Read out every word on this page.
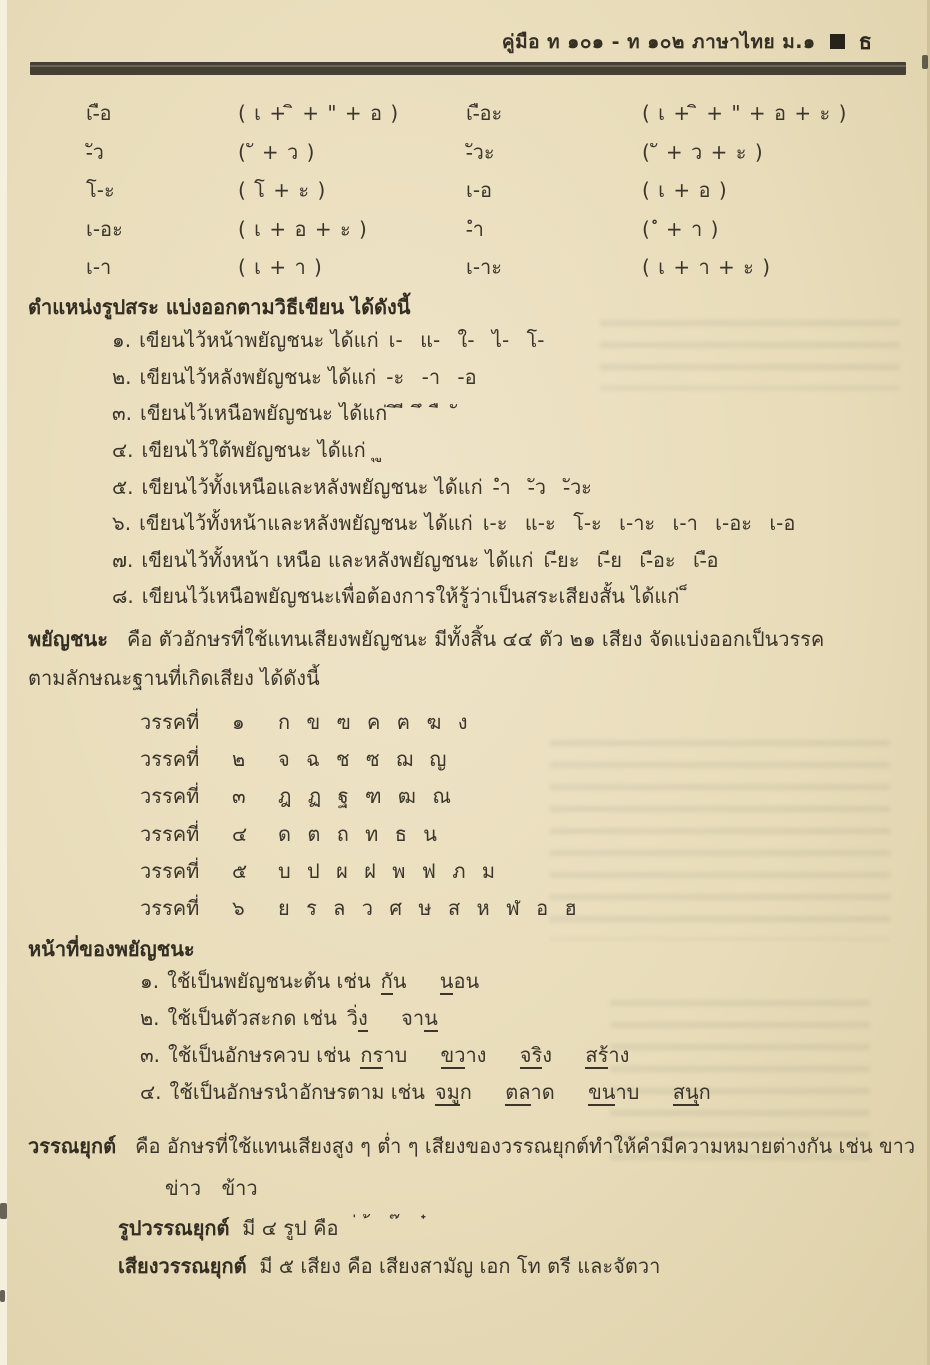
คู่มือ ท ๑๐๑ - ท ๑๐๒ ภาษาไทย ม.๑ ธ
เ-ือ	( เ + ิ + " + อ )	เ-ือะ	( เ + ิ + " + อ + ะ )
-ัว	( ั + ว )	-ัวะ	( ั + ว + ะ )
โ-ะ	( โ + ะ )	เ-อ	( เ + อ )
เ-อะ	( เ + อ + ะ )	-ำ	( ํ + า )
เ-า	( เ + า )	เ-าะ	( เ + า + ะ )
ตำแหน่งรูปสระ แบ่งออกตามวิธีเขียน ได้ดังนี้
๑. เขียนไว้หน้าพยัญชนะ ได้แก่ เ- แ- ใ- ไ- โ-
๒. เขียนไว้หลังพยัญชนะ ได้แก่ -ะ -า -อ
๓. เขียนไว้เหนือพยัญชนะ ได้แก่ ิ ี ึ ื ั
๔. เขียนไว้ใต้พยัญชนะ ได้แก่ ุ ู
๕. เขียนไว้ทั้งเหนือและหลังพยัญชนะ ได้แก่ -ำ -ัว -ัวะ
๖. เขียนไว้ทั้งหน้าและหลังพยัญชนะ ได้แก่ เ-ะ แ-ะ โ-ะ เ-าะ เ-า เ-อะ เ-อ
๗. เขียนไว้ทั้งหน้า เหนือ และหลังพยัญชนะ ได้แก่ เ-ียะ เ-ีย เ-ือะ เ-ือ
๘. เขียนไว้เหนือพยัญชนะเพื่อต้องการให้รู้ว่าเป็นสระเสียงสั้น ได้แก่
พยัญชนะ คือ ตัวอักษรที่ใช้แทนเสียงพยัญชนะ มีทั้งสิ้น ๔๔ ตัว ๒๑ เสียง จัดแบ่งออกเป็นวรรค
ตามลักษณะฐานที่เกิดเสียง ได้ดังนี้
วรรคที่	๑	ก ข ฃ ค ฅ ฆ ง
วรรคที่	๒	จ ฉ ช ซ ฌ ญ
วรรคที่	๓	ฎ ฏ ฐ ฑ ฒ ณ
วรรคที่	๔	ด ต ถ ท ธ น
วรรคที่	๕	บ ป ผ ฝ พ ฟ ภ ม
วรรคที่	๖	ย ร ล ว ศ ษ ส ห ฬ อ ฮ
หน้าที่ของพยัญชนะ
๑. ใช้เป็นพยัญชนะต้น เช่น กัน นอน
๒. ใช้เป็นตัวสะกด เช่น วิ่ง จาน
๓. ใช้เป็นอักษรควบ เช่น กราบ ขวาง จริง สร้าง
๔. ใช้เป็นอักษรนำอักษรตาม เช่น จมูก ตลาด ขนาบ สนุก
วรรณยุกต์ คือ อักษรที่ใช้แทนเสียงสูง ๆ ต่ำ ๆ เสียงของวรรณยุกต์ทำให้คำมีความหมายต่างกัน เช่น ขาว
ข่าว ข้าว
รูปวรรณยุกต์ มี ๔ รูป คือ ่ ้ ๊ ๋
เสียงวรรณยุกต์ มี ๕ เสียง คือ เสียงสามัญ เอก โท ตรี และจัตวา
